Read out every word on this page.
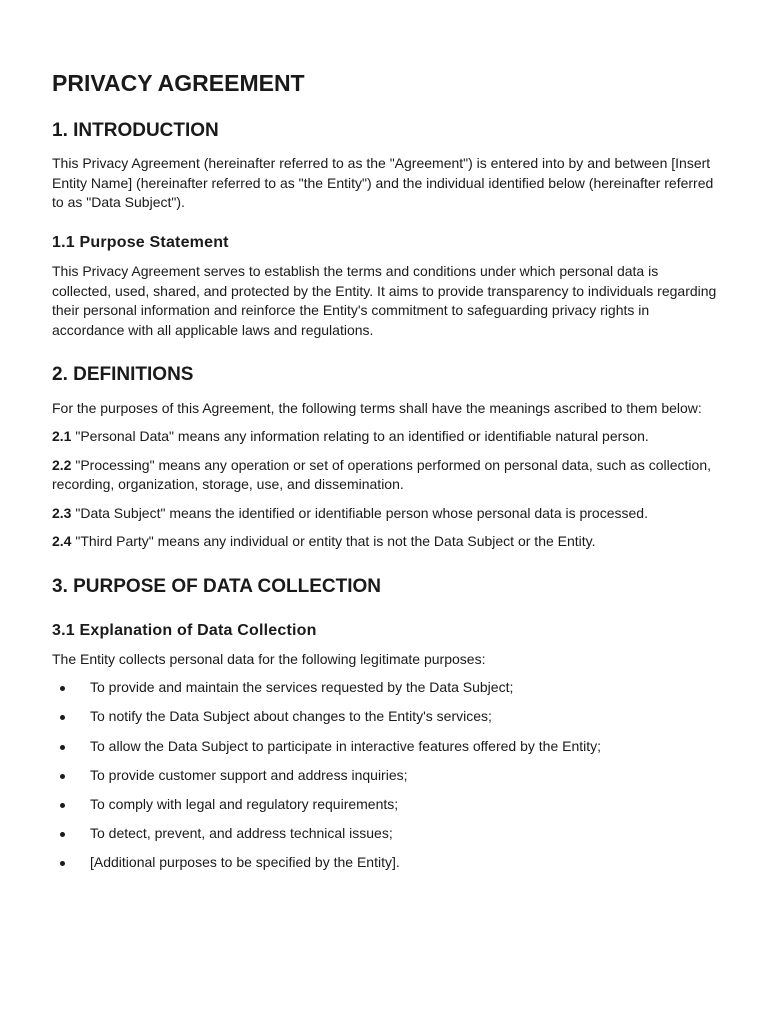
PRIVACY AGREEMENT
1. INTRODUCTION

This Privacy Agreement (hereinafter referred to as the "Agreement") is entered into by and between [Insert Entity Name] (hereinafter referred to as "the Entity") and the individual identified below (hereinafter referred to as "Data Subject").

1.1 Purpose Statement

This Privacy Agreement serves to establish the terms and conditions under which personal data is collected, used, shared, and protected by the Entity. It aims to provide transparency to individuals regarding their personal information and reinforce the Entity's commitment to safeguarding privacy rights in accordance with all applicable laws and regulations.

2. DEFINITIONS

For the purposes of this Agreement, the following terms shall have the meanings ascribed to them below:

2.1 "Personal Data" means any information relating to an identified or identifiable natural person.

2.2 "Processing" means any operation or set of operations performed on personal data, such as collection, recording, organization, storage, use, and dissemination.

2.3 "Data Subject" means the identified or identifiable person whose personal data is processed.

2.4 "Third Party" means any individual or entity that is not the Data Subject or the Entity.

3. PURPOSE OF DATA COLLECTION
3.1 Explanation of Data Collection

The Entity collects personal data for the following legitimate purposes:

To provide and maintain the services requested by the Data Subject;
To notify the Data Subject about changes to the Entity's services;
To allow the Data Subject to participate in interactive features offered by the Entity;
To provide customer support and address inquiries;
To comply with legal and regulatory requirements;
To detect, prevent, and address technical issues;
[Additional purposes to be specified by the Entity].
